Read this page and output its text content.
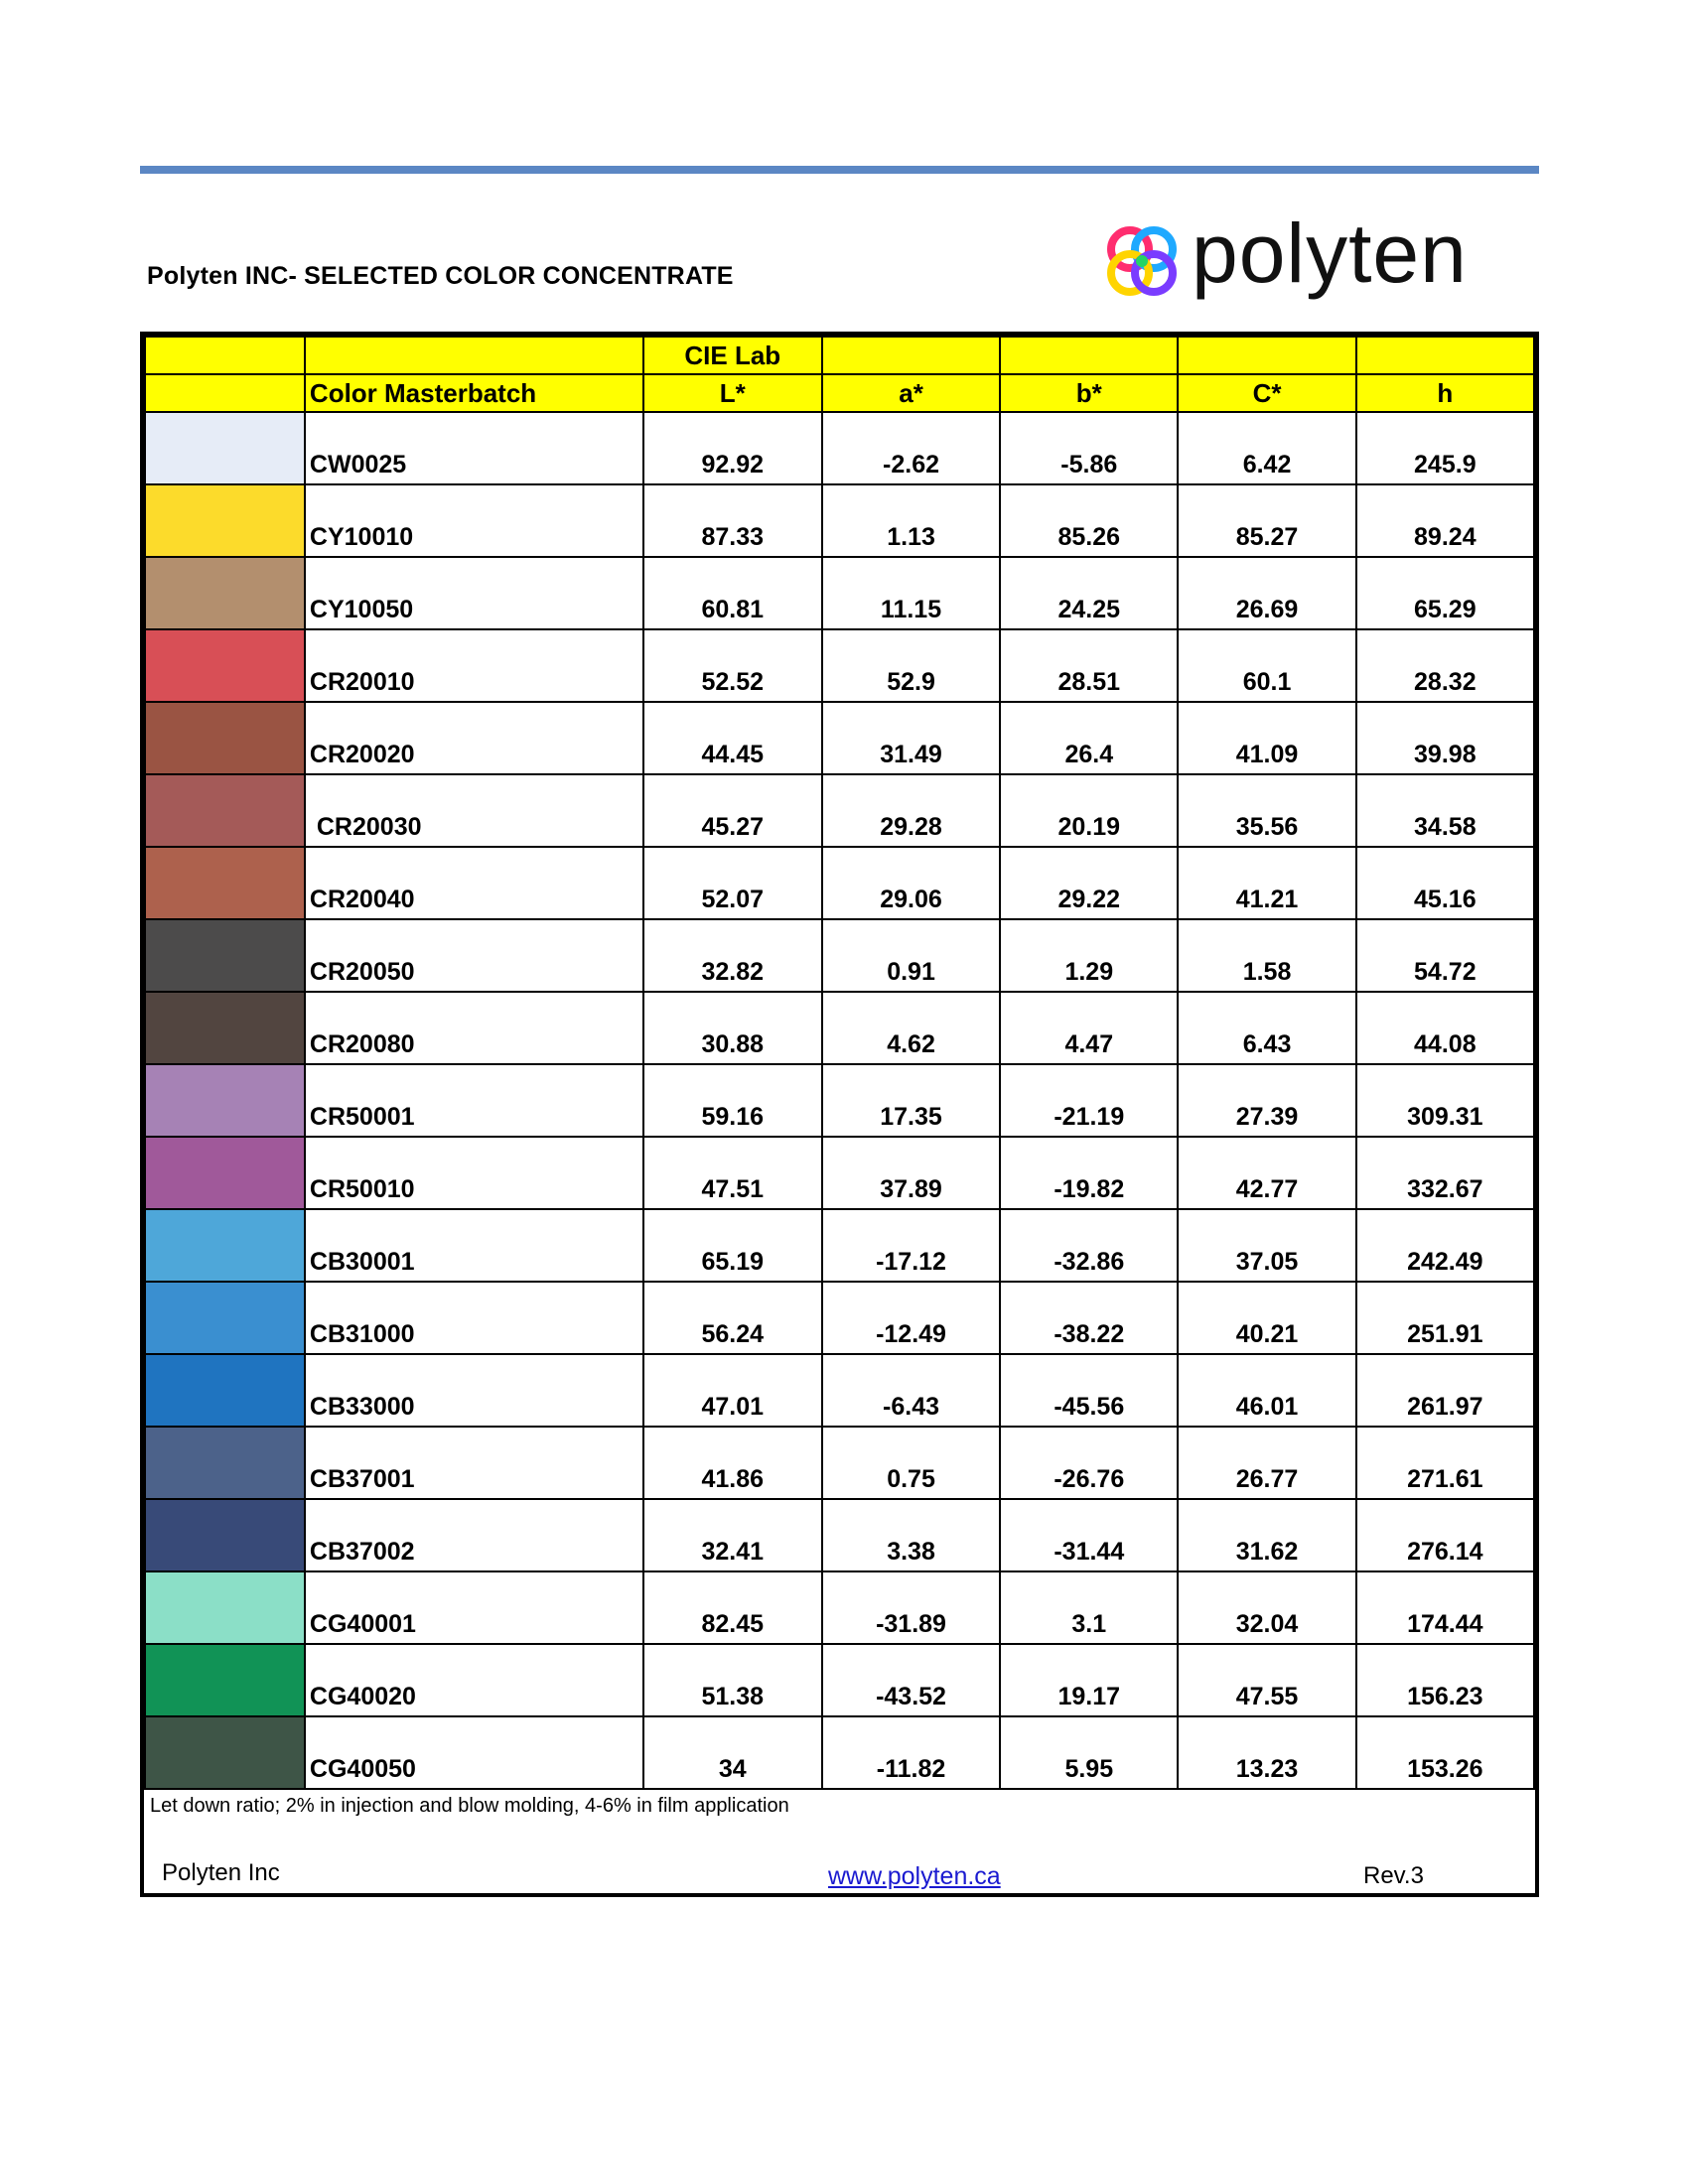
Polyten INC- SELECTED COLOR CONCENTRATE	polyten
		CIE Lab				
	Color Masterbatch	L*	a*	b*	C*	h

	CW0025	92.92	-2.62	-5.86	6.42	245.9

	CY10010	87.33	1.13	85.26	85.27	89.24

	CY10050	60.81	11.15	24.25	26.69	65.29

	CR20010	52.52	52.9	28.51	60.1	28.32

	CR20020	44.45	31.49	26.4	41.09	39.98

	CR20030	45.27	29.28	20.19	35.56	34.58

	CR20040	52.07	29.06	29.22	41.21	45.16

	CR20050	32.82	0.91	1.29	1.58	54.72

	CR20080	30.88	4.62	4.47	6.43	44.08

	CR50001	59.16	17.35	-21.19	27.39	309.31

	CR50010	47.51	37.89	-19.82	42.77	332.67

	CB30001	65.19	-17.12	-32.86	37.05	242.49

	CB31000	56.24	-12.49	-38.22	40.21	251.91

	CB33000	47.01	-6.43	-45.56	46.01	261.97

	CB37001	41.86	0.75	-26.76	26.77	271.61

	CB37002	32.41	3.38	-31.44	31.62	276.14

	CG40001	82.45	-31.89	3.1	32.04	174.44

	CG40020	51.38	-43.52	19.17	47.55	156.23

	CG40050	34	-11.82	5.95	13.23	153.26
Let down ratio; 2% in injection and blow molding, 4-6% in film application
Polyten Inc	www.polyten.ca	Rev.3
